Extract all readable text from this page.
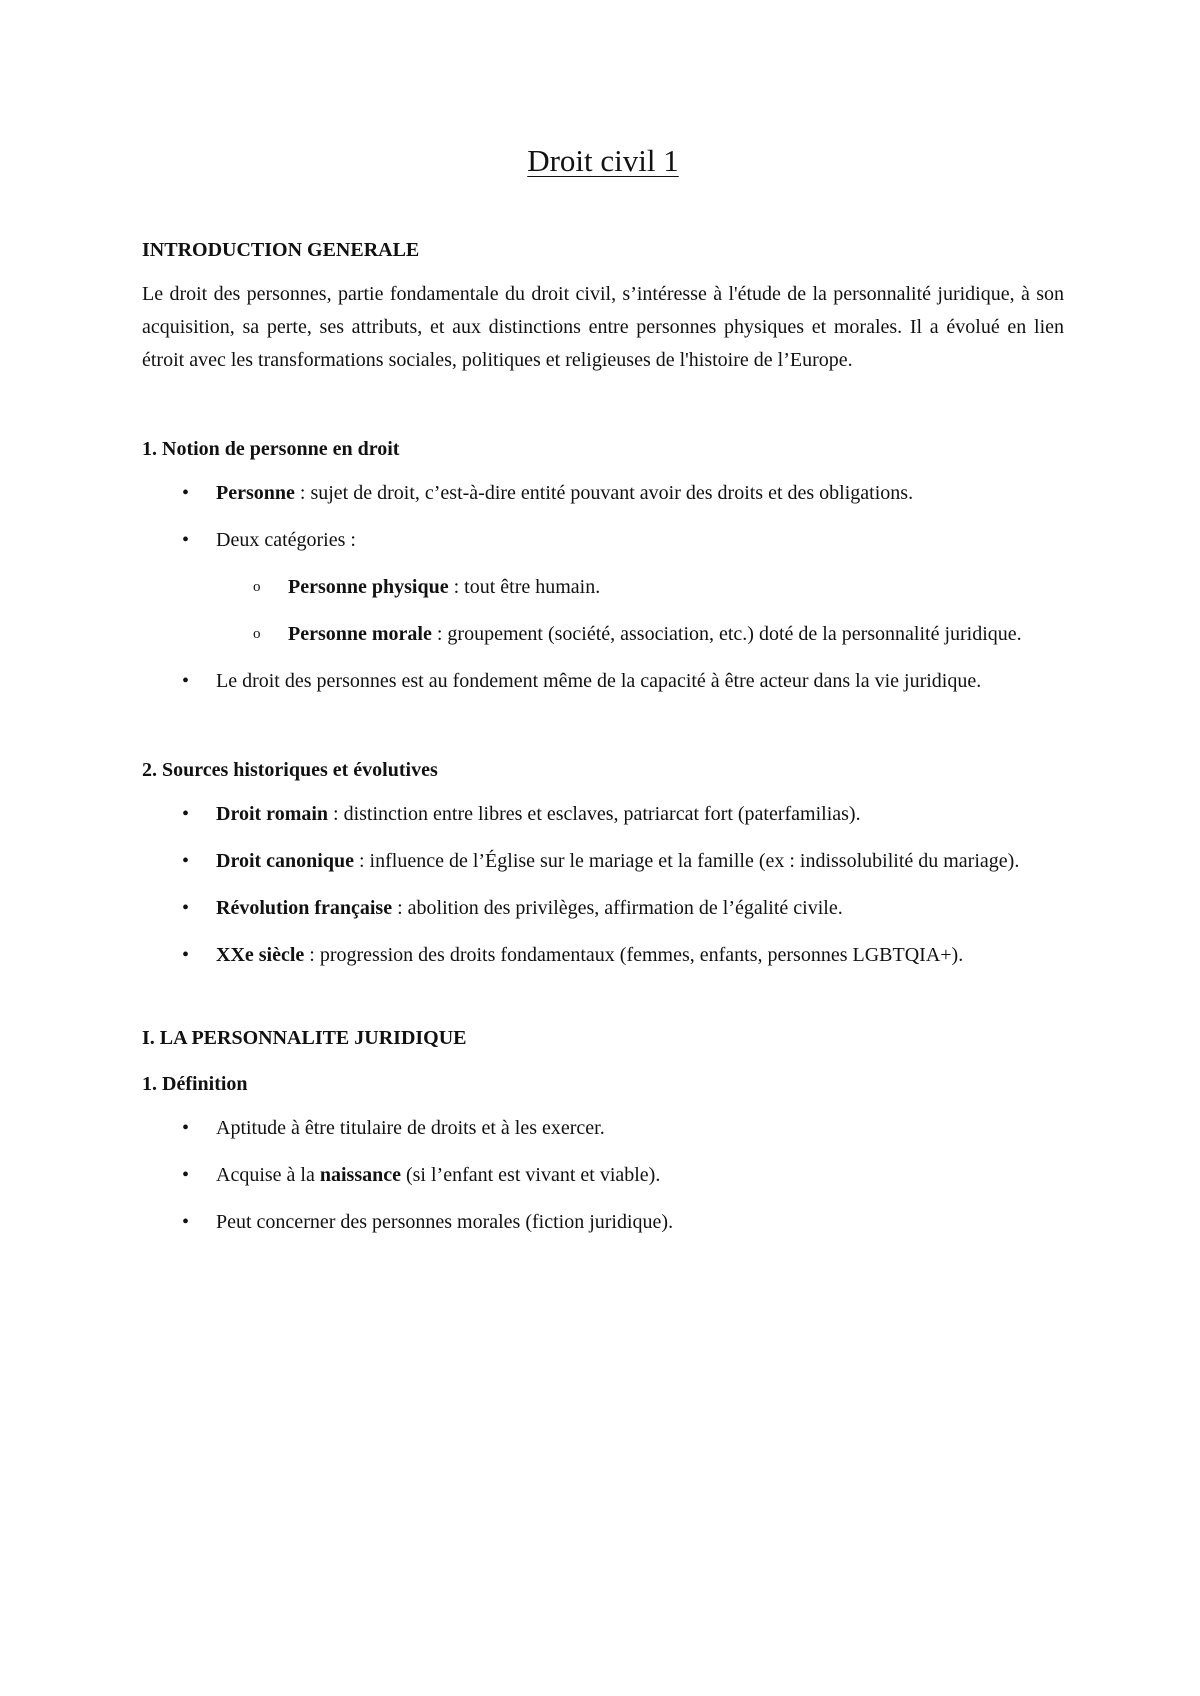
Droit civil 1

INTRODUCTION GENERALE

Le droit des personnes, partie fondamentale du droit civil, s’intéresse à l'étude de la personnalité juridique, à son acquisition, sa perte, ses attributs, et aux distinctions entre personnes physiques et morales. Il a évolué en lien étroit avec les transformations sociales, politiques et religieuses de l'histoire de l’Europe.

1. Notion de personne en droit

• Personne : sujet de droit, c’est-à-dire entité pouvant avoir des droits et des obligations.
• Deux catégories :
o Personne physique : tout être humain.
o Personne morale : groupement (société, association, etc.) doté de la personnalité juridique.
• Le droit des personnes est au fondement même de la capacité à être acteur dans la vie juridique.

2. Sources historiques et évolutives

• Droit romain : distinction entre libres et esclaves, patriarcat fort (paterfamilias).
• Droit canonique : influence de l’Église sur le mariage et la famille (ex : indissolubilité du mariage).
• Révolution française : abolition des privilèges, affirmation de l’égalité civile.
• XXe siècle : progression des droits fondamentaux (femmes, enfants, personnes LGBTQIA+).

I. LA PERSONNALITE JURIDIQUE

1. Définition

• Aptitude à être titulaire de droits et à les exercer.
• Acquise à la naissance (si l’enfant est vivant et viable).
• Peut concerner des personnes morales (fiction juridique).
